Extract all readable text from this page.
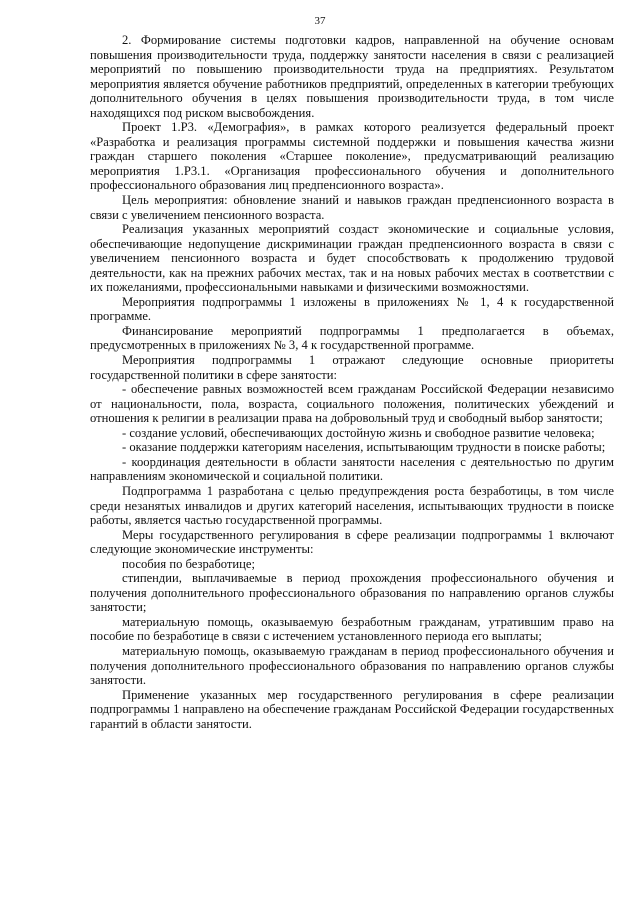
37

2. Формирование системы подготовки кадров, направленной на обучение основам повышения производительности труда, поддержку занятости населения в связи с реализацией мероприятий по повышению производительности труда на предприятиях. Результатом мероприятия является обучение работников предприятий, определенных в категории требующих дополнительного обучения в целях повышения производительности труда, в том числе находящихся под риском высвобождения.

Проект 1.Р3. «Демография», в рамках которого реализуется федеральный проект «Разработка и реализация программы системной поддержки и повышения качества жизни граждан старшего поколения «Старшее поколение», предусматривающий реализацию мероприятия 1.Р3.1. «Организация профессионального обучения и дополнительного профессионального образования лиц предпенсионного возраста».

Цель мероприятия: обновление знаний и навыков граждан предпенсионного возраста в связи с увеличением пенсионного возраста.

Реализация указанных мероприятий создаст экономические и социальные условия, обеспечивающие недопущение дискриминации граждан предпенсионного возраста в связи с увеличением пенсионного возраста и будет способствовать к продолжению трудовой деятельности, как на прежних рабочих местах, так и на новых рабочих местах в соответствии с их пожеланиями, профессиональными навыками и физическими возможностями.

Мероприятия подпрограммы 1 изложены в приложениях № 1, 4 к государственной программе.

Финансирование мероприятий подпрограммы 1 предполагается в объемах, предусмотренных в приложениях № 3, 4 к государственной программе.

Мероприятия подпрограммы 1 отражают следующие основные приоритеты государственной политики в сфере занятости:

- обеспечение равных возможностей всем гражданам Российской Федерации независимо от национальности, пола, возраста, социального положения, политических убеждений и отношения к религии в реализации права на добровольный труд и свободный выбор занятости;

- создание условий, обеспечивающих достойную жизнь и свободное развитие человека;

- оказание поддержки категориям населения, испытывающим трудности в поиске работы;

- координация деятельности в области занятости населения с деятельностью по другим направлениям экономической и социальной политики.

Подпрограмма 1 разработана с целью предупреждения роста безработицы, в том числе среди незанятых инвалидов и других категорий населения, испытывающих трудности в поиске работы, является частью государственной программы.

Меры государственного регулирования в сфере реализации подпрограммы 1 включают следующие экономические инструменты:

пособия по безработице;

стипендии, выплачиваемые в период прохождения профессионального обучения и получения дополнительного профессионального образования по направлению органов службы занятости;

материальную помощь, оказываемую безработным гражданам, утратившим право на пособие по безработице в связи с истечением установленного периода его выплаты;

материальную помощь, оказываемую гражданам в период профессионального обучения и получения дополнительного профессионального образования по направлению органов службы занятости.

Применение указанных мер государственного регулирования в сфере реализации подпрограммы 1 направлено на обеспечение гражданам Российской Федерации государственных гарантий в области занятости.
